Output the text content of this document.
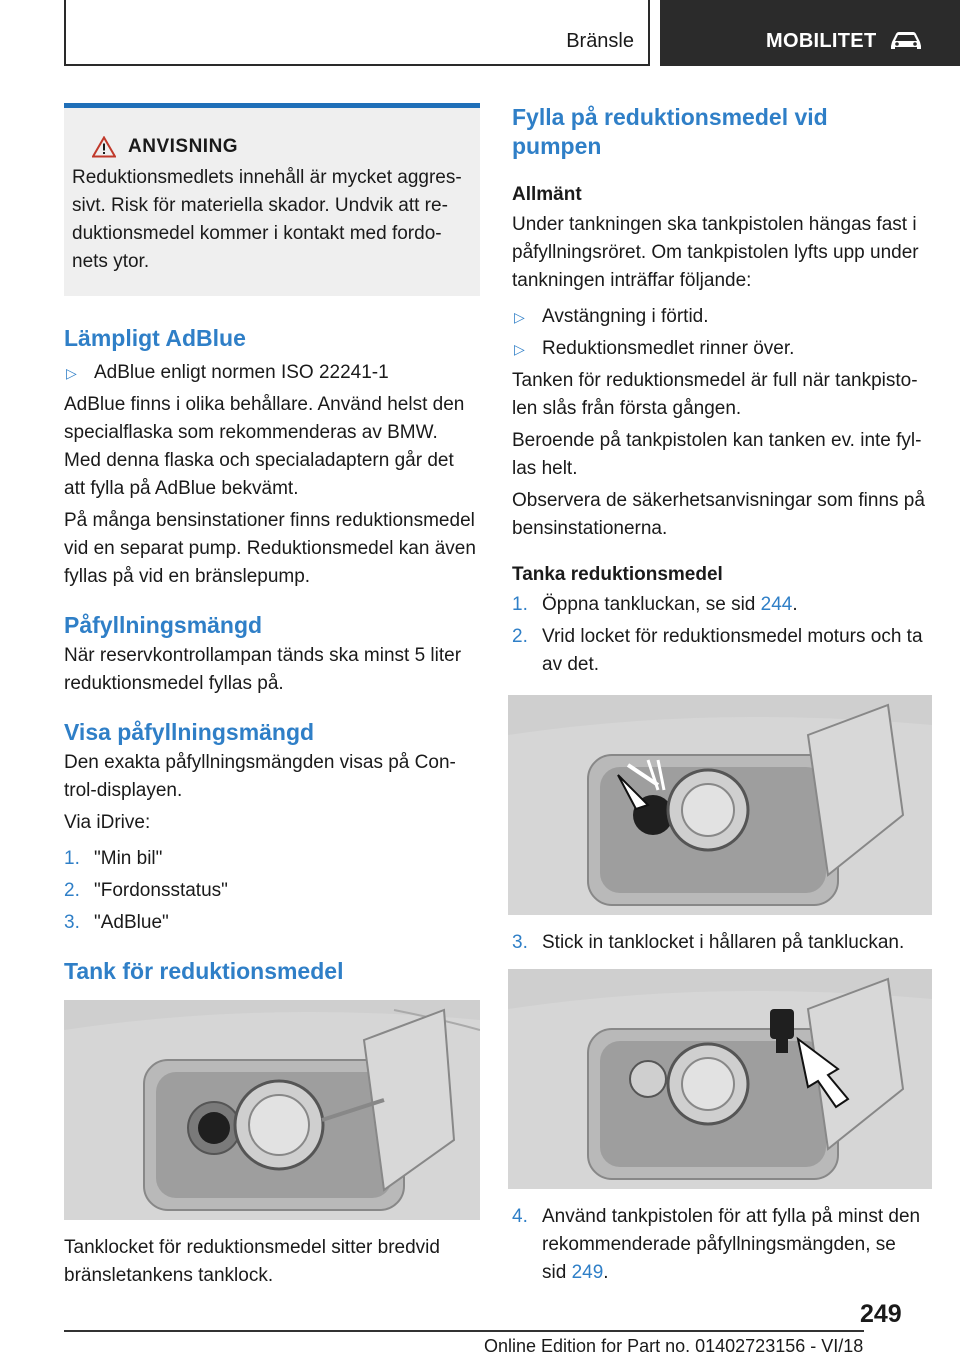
Bränsle	MOBILITET
ANVISNING
Reduktionsmedlets innehåll är mycket aggres-
sivt. Risk för materiella skador. Undvik att re-
duktionsmedel kommer i kontakt med fordo-
nets ytor.
Lämpligt AdBlue
▷ AdBlue enligt normen ISO 22241-1

AdBlue finns i olika behållare. Använd helst den
specialflaska som rekommenderas av BMW.
Med denna flaska och specialadaptern går det
att fylla på AdBlue bekvämt.

På många bensinstationer finns reduktionsmedel
vid en separat pump. Reduktionsmedel kan även
fyllas på vid en bränslepump.

Påfyllningsmängd

När reservkontrollampan tänds ska minst 5 liter
reduktionsmedel fyllas på.

Visa påfyllningsmängd

Den exakta påfyllningsmängden visas på Con-
trol-displayen.

Via iDrive:

1. "Min bil"
2. "Fordonsstatus"
3. "AdBlue"
Tank för reduktionsmedel

Tanklocket för reduktionsmedel sitter bredvid
bränsletankens tanklock.

Fylla på reduktionsmedel vid
pumpen
Allmänt

Under tankningen ska tankpistolen hängas fast i
påfyllningsröret. Om tankpistolen lyfts upp under
tankningen inträffar följande:

▷ Avstängning i förtid.
▷ Reduktionsmedlet rinner över.

Tanken för reduktionsmedel är full när tankpisto-
len slås från första gången.

Beroende på tankpistolen kan tanken ev. inte fyl-
las helt.

Observera de säkerhetsanvisningar som finns på
bensinstationerna.

Tanka reduktionsmedel
1. Öppna tankluckan, se sid 244.
2. Vrid locket för reduktionsmedel moturs och ta
av det.
3. Stick in tanklocket i hållaren på tankluckan.
4. Använd tankpistolen för att fylla på minst den
rekommenderade påfyllningsmängden, se
sid 249.
249
Online Edition for Part no. 01402723156 - VI/18
